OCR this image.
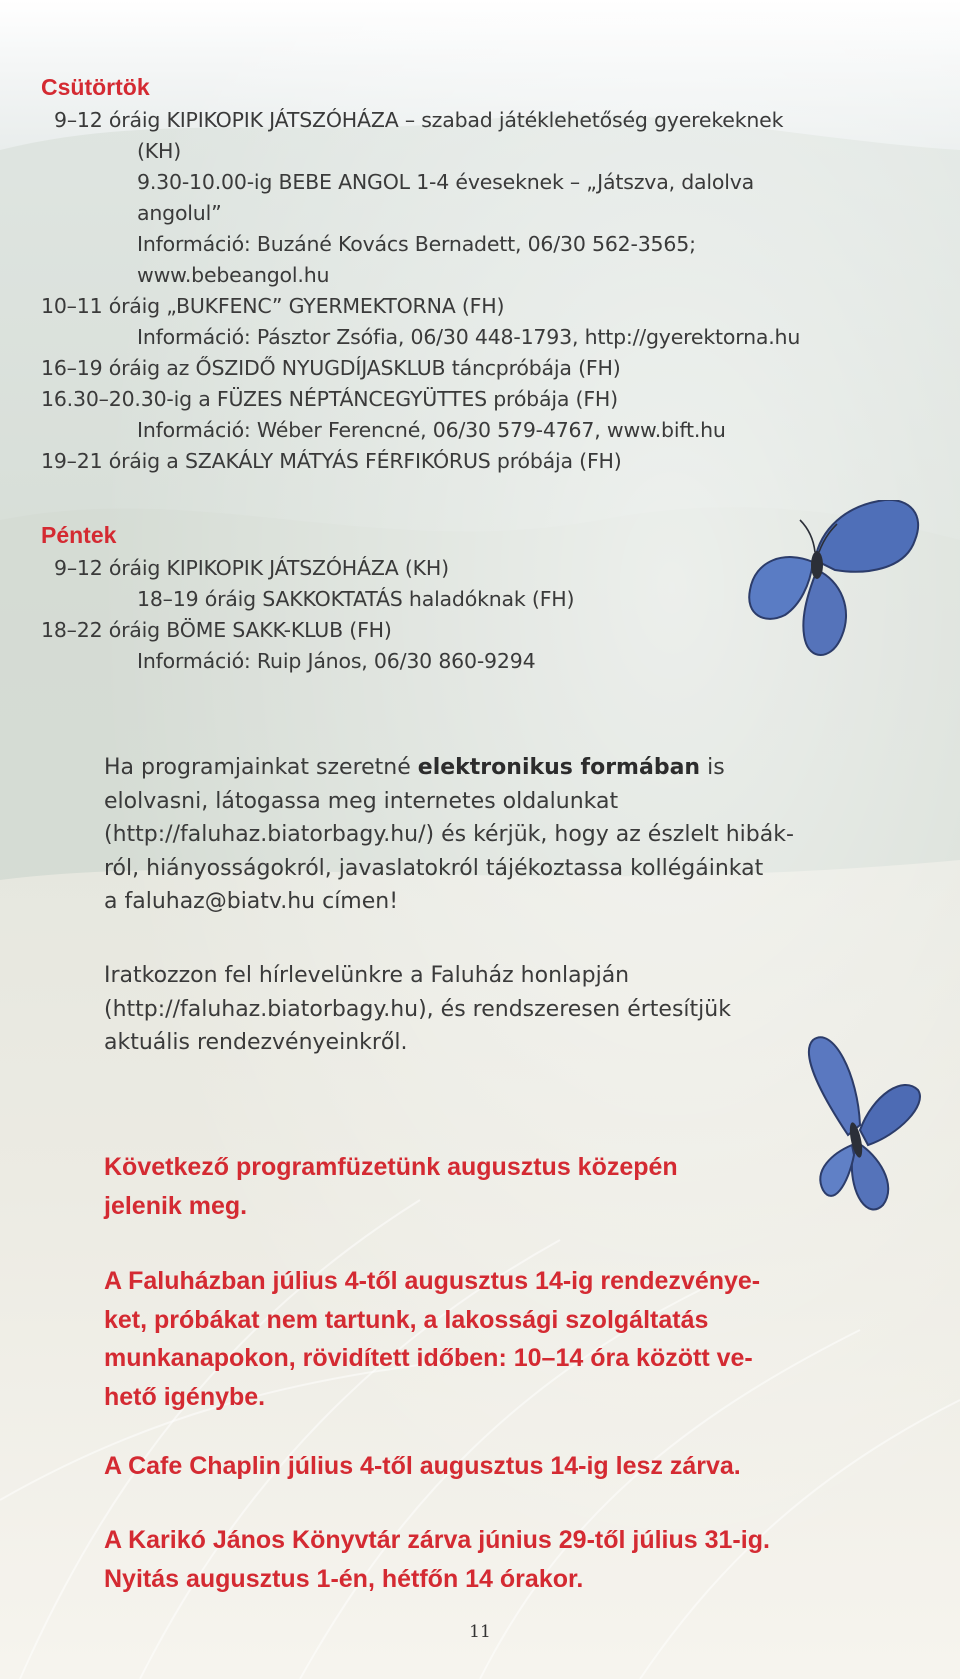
Csütörtök
9–12 óráig KIPIKOPIK JÁTSZÓHÁZA – szabad játéklehetőség gyerekeknek
(KH)
9.30-10.00-ig BEBE ANGOL 1-4 éveseknek – „Játszva, dalolva
angolul”
Információ: Buzáné Kovács Bernadett, 06/30 562-3565;
www.bebeangol.hu
10–11 óráig „BUKFENC” GYERMEKTORNA (FH)
Információ: Pásztor Zsófia, 06/30 448-1793, http://gyerektorna.hu
16–19 óráig az ŐSZIDŐ NYUGDÍJASKLUB táncpróbája (FH)
16.30–20.30-ig a FÜZES NÉPTÁNCEGYÜTTES próbája (FH)
Információ: Wéber Ferencné, 06/30 579-4767, www.bift.hu
19–21 óráig a SZAKÁLY MÁTYÁS FÉRFIKÓRUS próbája (FH)
Péntek
9–12 óráig KIPIKOPIK JÁTSZÓHÁZA (KH)
18–19 óráig SAKKOKTATÁS haladóknak (FH)
18–22 óráig BÖME SAKK-KLUB (FH)
Információ: Ruip János, 06/30 860-9294

Ha programjainkat szeretné elektronikus formában is

elolvasni, látogassa meg internetes oldalunkat

(http://faluhaz.biatorbagy.hu/) és kérjük, hogy az észlelt hibák-

ról, hiányosságokról, javaslatokról tájékoztassa kollégáinkat

a faluhaz@biatv.hu címen!

Iratkozzon fel hírlevelünkre a Faluház honlapján

(http://faluhaz.biatorbagy.hu), és rendszeresen értesítjük

aktuális rendezvényeinkről.

Következő programfüzetünk augusztus közepén

jelenik meg.

A Faluházban július 4-től augusztus 14-ig rendezvénye-

ket, próbákat nem tartunk, a lakossági szolgáltatás

munkanapokon, rövidített időben: 10–14 óra között ve-

hető igénybe.

A Cafe Chaplin július 4-től augusztus 14-ig lesz zárva.

A Karikó János Könyvtár zárva június 29-től július 31-ig.

Nyitás augusztus 1-én, hétfőn 14 órakor.

11
